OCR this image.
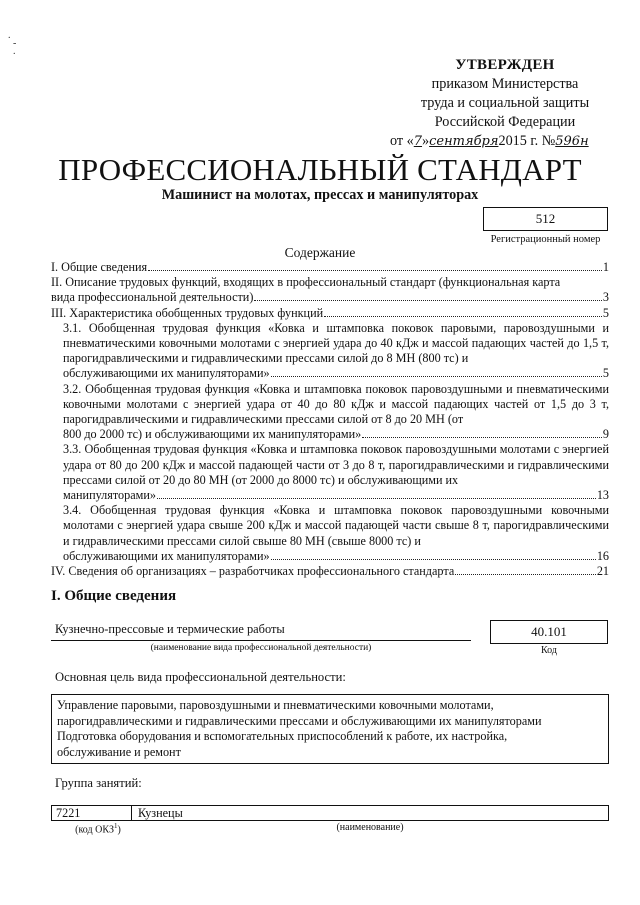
.
-
.
УТВЕРЖДЕН
приказом Министерства
труда и социальной защиты
Российской Федерации
от «7»сентября2015 г. №596н
ПРОФЕССИОНАЛЬНЫЙ СТАНДАРТ
Машинист на молотах, прессах и манипуляторах
512
Регистрационный номер
Содержание
I. Общие сведения	1
II. Описание трудовых функций, входящих в профессиональный стандарт (функциональная карта
вида профессиональной деятельности)	3
III. Характеристика обобщенных трудовых функций	5
3.1. Обобщенная трудовая функция «Ковка и штамповка поковок паровыми, паровоздушными и пневматическими ковочными молотами с энергией удара до 40 кДж и массой падающих частей до 1,5 т, парогидравлическими и гидравлическими прессами силой до 8 МН (800 тс) и
обслуживающими их манипуляторами»	5
3.2. Обобщенная трудовая функция «Ковка и штамповка поковок паровоздушными и пневматическими ковочными молотами с энергией удара от 40 до 80 кДж и массой падающих частей от 1,5 до 3 т, парогидравлическими и гидравлическими прессами силой от 8 до 20 МН (от
800 до 2000 тс) и обслуживающими их манипуляторами»	9
3.3. Обобщенная трудовая функция «Ковка и штамповка поковок паровоздушными молотами с энергией удара от 80 до 200 кДж и массой падающей части от 3 до 8 т, парогидравлическими и гидравлическими прессами силой от 20 до 80 МН (от 2000 до 8000 тс) и обслуживающими их
манипуляторами»	13
3.4. Обобщенная трудовая функция «Ковка и штамповка поковок паровоздушными ковочными молотами с энергией удара свыше 200 кДж и массой падающей части свыше 8 т, парогидравлическими и гидравлическими прессами силой свыше 80 МН (свыше 8000 тс) и
обслуживающими их манипуляторами»	16
IV. Сведения об организациях – разработчиках профессионального стандарта	21
I. Общие сведения
Кузнечно-прессовые и термические работы
(наименование вида профессиональной деятельности)
40.101
Код
Основная цель вида профессиональной деятельности:
Управление паровыми, паровоздушными и пневматическими ковочными молотами,
парогидравлическими и гидравлическими прессами и обслуживающими их манипуляторами
Подготовка оборудования и вспомогательных приспособлений к работе, их настройка,
обслуживание и ремонт
Группа занятий:
7221	Кузнецы
(код ОКЗ$^1$)	(наименование)
